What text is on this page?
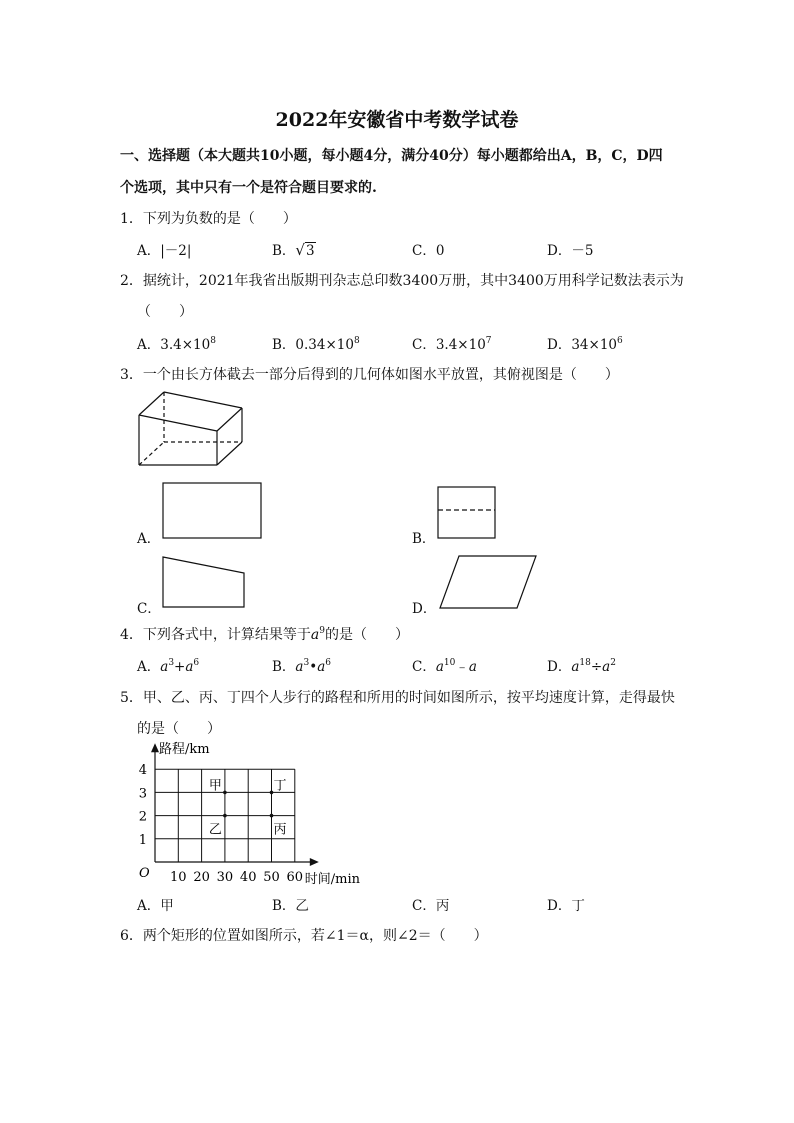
2022年安徽省中考数学试卷
一、选择题（本大题共10小题，每小题4分，满分40分）每小题都给出A，B，C，D四
个选项，其中只有一个是符合题目要求的.
1．下列为负数的是（　　）
A．|－2|	B．√3	C．0	D．－5
2．据统计，2021年我省出版期刊杂志总印数3400万册，其中3400万用科学记数法表示为
（　　）
A．$3.4\times 10^8$	B．$0.34\times 10^8$	C．$3.4\times 10^7$	D．$34\times 10^6$
3．一个由长方体截去一部分后得到的几何体如图水平放置，其俯视图是（　　）
A．	B．
C．	D．
4．下列各式中，计算结果等于$a^9$的是（　　）
A．$a^3+a^6$	B．$a^3•a^6$	C．$a^{10}﹣a$	D．$a^{18}\div a^2$
5．甲、乙、丙、丁四个人步行的路程和所用的时间如图所示，按平均速度计算，走得最快
的是（　　）
10 20 30 40 50 60
1
2
3
4
O
路程/km
时间/min
甲
乙	丙
丁
A．甲	B．乙	C．丙	D．丁
6．两个矩形的位置如图所示，若∠1＝α，则∠2＝（　　）
